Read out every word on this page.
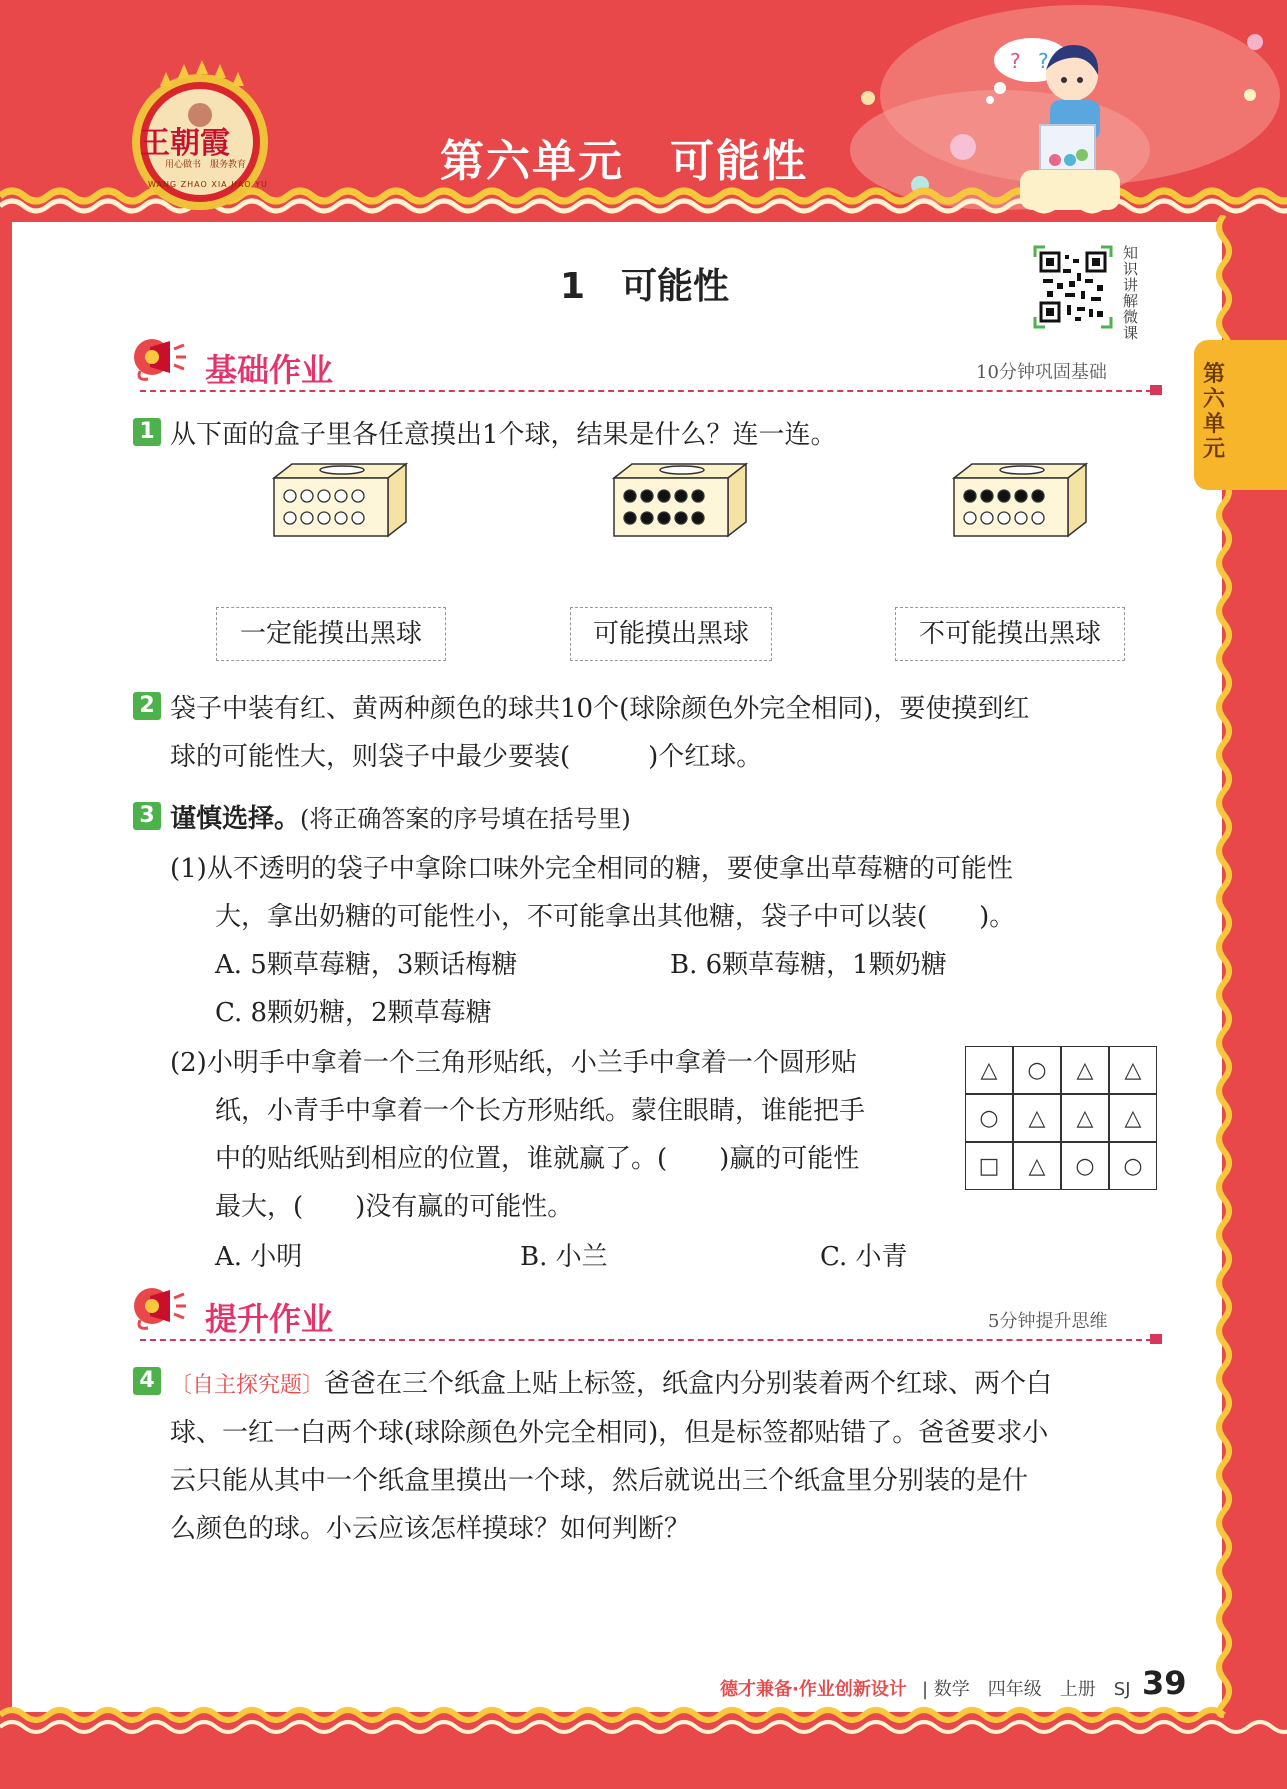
? ?
王朝霞
用心做书　服务教育
WANG ZHAO XIA JIAO YU	第六单元　可能性
第六单元
1　可能性
知识讲解微课
基础作业	10分钟巩固基础
1 从下面的盒子里各任意摸出1个球，结果是什么？连一连。
一定能摸出黑球	可能摸出黑球	不可能摸出黑球
2 袋子中装有红、黄两种颜色的球共10个(球除颜色外完全相同)，要使摸到红
球的可能性大，则袋子中最少要装(　　　)个红球。
3 谨慎选择。(将正确答案的序号填在括号里)
(1)从不透明的袋子中拿除口味外完全相同的糖，要使拿出草莓糖的可能性
大，拿出奶糖的可能性小，不可能拿出其他糖，袋子中可以装(　　)。
A. 5颗草莓糖，3颗话梅糖	B. 6颗草莓糖，1颗奶糖
C. 8颗奶糖，2颗草莓糖
(2)小明手中拿着一个三角形贴纸，小兰手中拿着一个圆形贴
纸，小青手中拿着一个长方形贴纸。蒙住眼睛，谁能把手
中的贴纸贴到相应的位置，谁就赢了。(　　)赢的可能性
最大，(　　)没有赢的可能性。
A. 小明	B. 小兰	C. 小青
△	○	△	△
○	△	△	△
□	△	○	○
提升作业	5分钟提升思维
4 〔自主探究题〕爸爸在三个纸盒上贴上标签，纸盒内分别装着两个红球、两个白
球、一红一白两个球(球除颜色外完全相同)，但是标签都贴错了。爸爸要求小
云只能从其中一个纸盒里摸出一个球，然后就说出三个纸盒里分别装的是什
么颜色的球。小云应该怎样摸球？如何判断？
德才兼备·作业创新设计 | 数学　四年级　上册　SJ 39
